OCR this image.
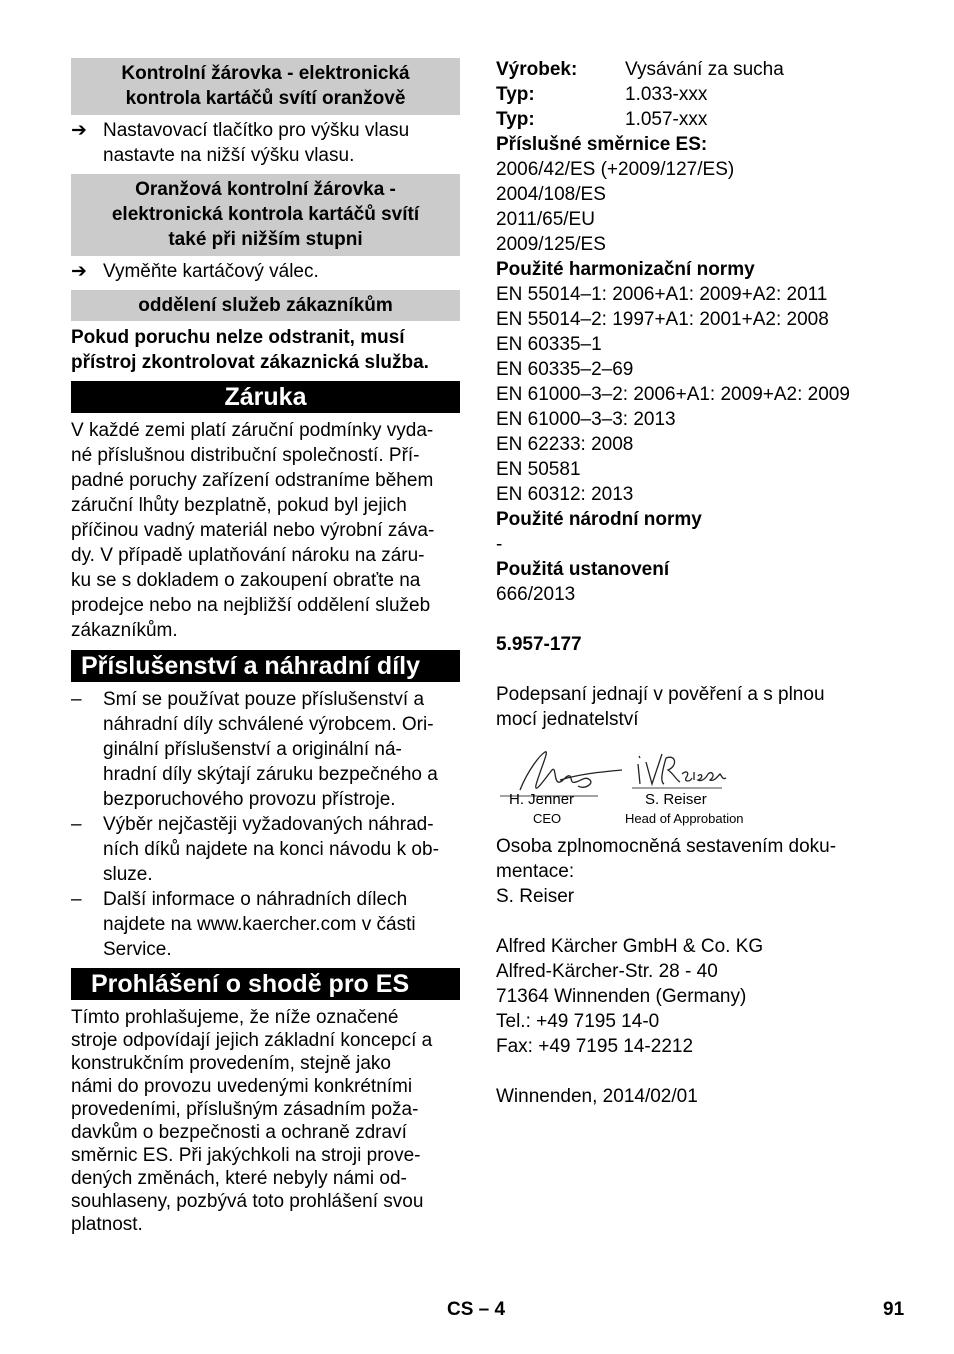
Kontrolní žárovka - elektronická
kontrola kartáčů svítí oranžově
➔ Nastavovací tlačítko pro výšku vlasu
nastavte na nižší výšku vlasu.
Oranžová kontrolní žárovka -
elektronická kontrola kartáčů svítí
také při nižším stupni
➔ Vyměňte kartáčový válec.
oddělení služeb zákazníkům
Pokud poruchu nelze odstranit, musí
přístroj zkontrolovat zákaznická služba.
Záruka
V každé zemi platí záruční podmínky vyda-
né příslušnou distribuční společností. Pří-
padné poruchy zařízení odstraníme během
záruční lhůty bezplatně, pokud byl jejich
příčinou vadný materiál nebo výrobní záva-
dy. V případě uplatňování nároku na záru-
ku se s dokladem o zakoupení obraťte na
prodejce nebo na nejbližší oddělení služeb
zákazníkům.
Příslušenství a náhradní díly
– Smí se používat pouze příslušenství a
náhradní díly schválené výrobcem. Ori-
ginální příslušenství a originální ná-
hradní díly skýtají záruku bezpečného a
bezporuchového provozu přístroje.
– Výběr nejčastěji vyžadovaných náhrad-
ních díků najdete na konci návodu k ob-
sluze.
– Další informace o náhradních dílech
najdete na www.kaercher.com v části
Service.
Prohlášení o shodě pro ES
Tímto prohlašujeme, že níže označené
stroje odpovídají jejich základní koncepcí a
konstrukčním provedením, stejně jako
námi do provozu uvedenými konkrétními
provedeními, příslušným zásadním poža-
davkům o bezpečnosti a ochraně zdraví
směrnic ES. Při jakýchkoli na stroji prove-
dených změnách, které nebyly námi od-
souhlaseny, pozbývá toto prohlášení svou
platnost.
Výrobek:	Vysávání za sucha
Typ:	1.033-xxx
Typ:	1.057-xxx
Příslušné směrnice ES:
2006/42/ES (+2009/127/ES)
2004/108/ES
2011/65/EU
2009/125/ES
Použité harmonizační normy
EN 55014–1: 2006+A1: 2009+A2: 2011
EN 55014–2: 1997+A1: 2001+A2: 2008
EN 60335–1
EN 60335–2–69
EN 61000–3–2: 2006+A1: 2009+A2: 2009
EN 61000–3–3: 2013
EN 62233: 2008
EN 50581
EN 60312: 2013
Použité národní normy
-
Použitá ustanovení
666/2013
5.957-177
Podepsaní jednají v pověření a s plnou
mocí jednatelství
H. Jenner
CEO
S. Reiser
Head of Approbation
Osoba zplnomocněná sestavením doku-
mentace:
S. Reiser
Alfred Kärcher GmbH & Co. KG
Alfred-Kärcher-Str. 28 - 40
71364 Winnenden (Germany)
Tel.: +49 7195 14-0
Fax: +49 7195 14-2212
Winnenden, 2014/02/01
CS – 4	91
